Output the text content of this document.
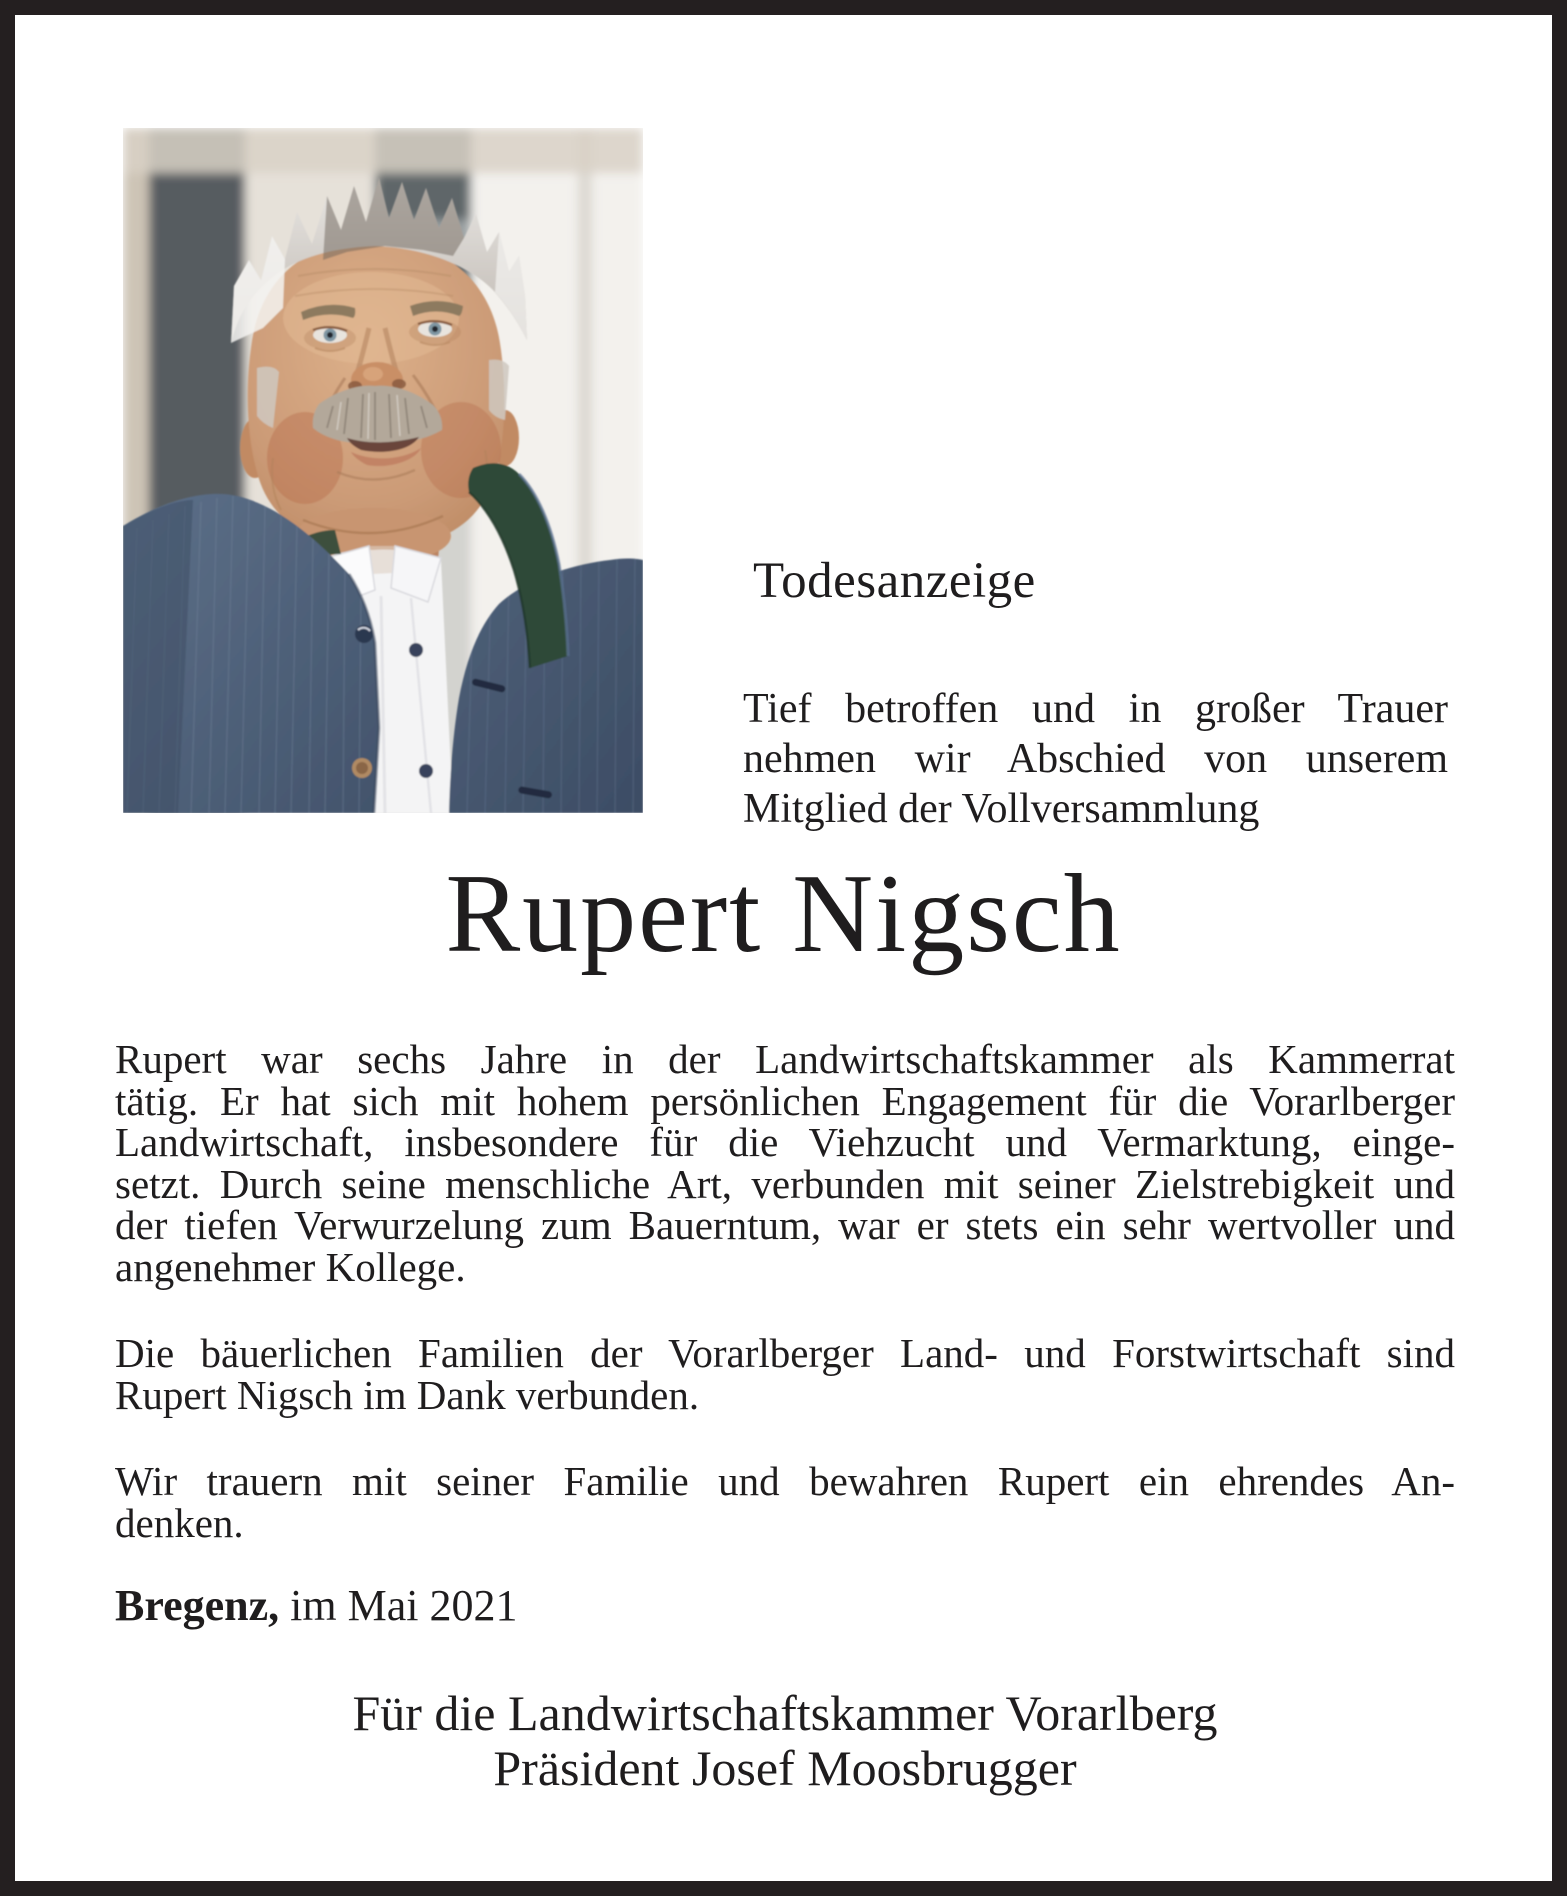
Todesanzeige
Tief betroffen und in großer Trauer
nehmen wir Abschied von unserem
Mitglied der Vollversammlung
Rupert Nigsch
Rupert war sechs Jahre in der Landwirtschaftskammer als Kammerrat
tätig. Er hat sich mit hohem persönlichen Engagement für die Vorarlberger
Landwirtschaft, insbesondere für die Viehzucht und Vermarktung, einge-
setzt. Durch seine menschliche Art, verbunden mit seiner Zielstrebigkeit und
der tiefen Verwurzelung zum Bauerntum, war er stets ein sehr wertvoller und
angenehmer Kollege.
Die bäuerlichen Familien der Vorarlberger Land- und Forstwirtschaft sind
Rupert Nigsch im Dank verbunden.
Wir trauern mit seiner Familie und bewahren Rupert ein ehrendes An-
denken.
Bregenz, im Mai 2021
Für die Landwirtschaftskammer Vorarlberg
Präsident Josef Moosbrugger
